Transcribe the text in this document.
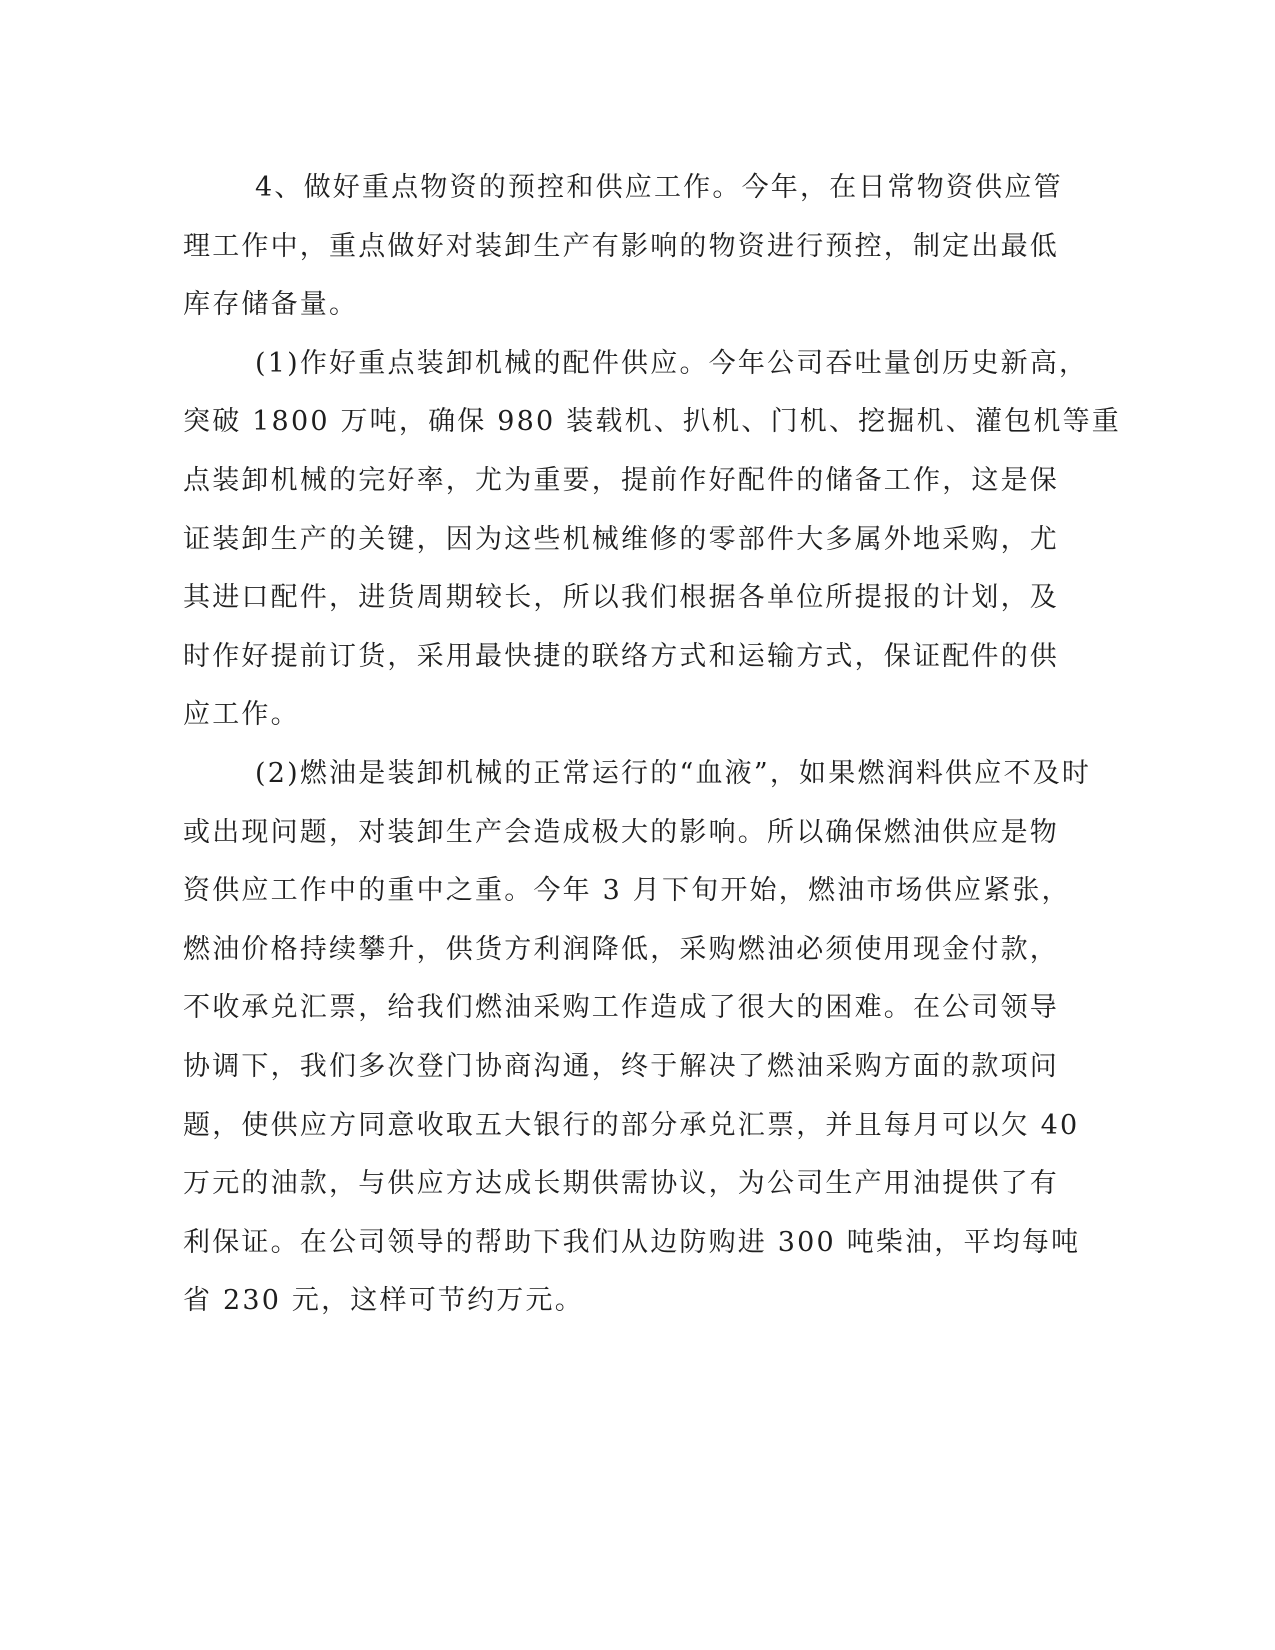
4、做好重点物资的预控和供应工作。今年，在日常物资供应管
理工作中，重点做好对装卸生产有影响的物资进行预控，制定出最低
库存储备量。
(1)作好重点装卸机械的配件供应。今年公司吞吐量创历史新高，
突破 1800 万吨，确保 980 装载机、扒机、门机、挖掘机、灌包机等重
点装卸机械的完好率，尤为重要，提前作好配件的储备工作，这是保
证装卸生产的关键，因为这些机械维修的零部件大多属外地采购，尤
其进口配件，进货周期较长，所以我们根据各单位所提报的计划，及
时作好提前订货，采用最快捷的联络方式和运输方式，保证配件的供
应工作。
(2)燃油是装卸机械的正常运行的“血液”，如果燃润料供应不及时
或出现问题，对装卸生产会造成极大的影响。所以确保燃油供应是物
资供应工作中的重中之重。今年 3 月下旬开始，燃油市场供应紧张，
燃油价格持续攀升，供货方利润降低，采购燃油必须使用现金付款，
不收承兑汇票，给我们燃油采购工作造成了很大的困难。在公司领导
协调下，我们多次登门协商沟通，终于解决了燃油采购方面的款项问
题，使供应方同意收取五大银行的部分承兑汇票，并且每月可以欠 40
万元的油款，与供应方达成长期供需协议，为公司生产用油提供了有
利保证。在公司领导的帮助下我们从边防购进 300 吨柴油，平均每吨
省 230 元，这样可节约万元。
